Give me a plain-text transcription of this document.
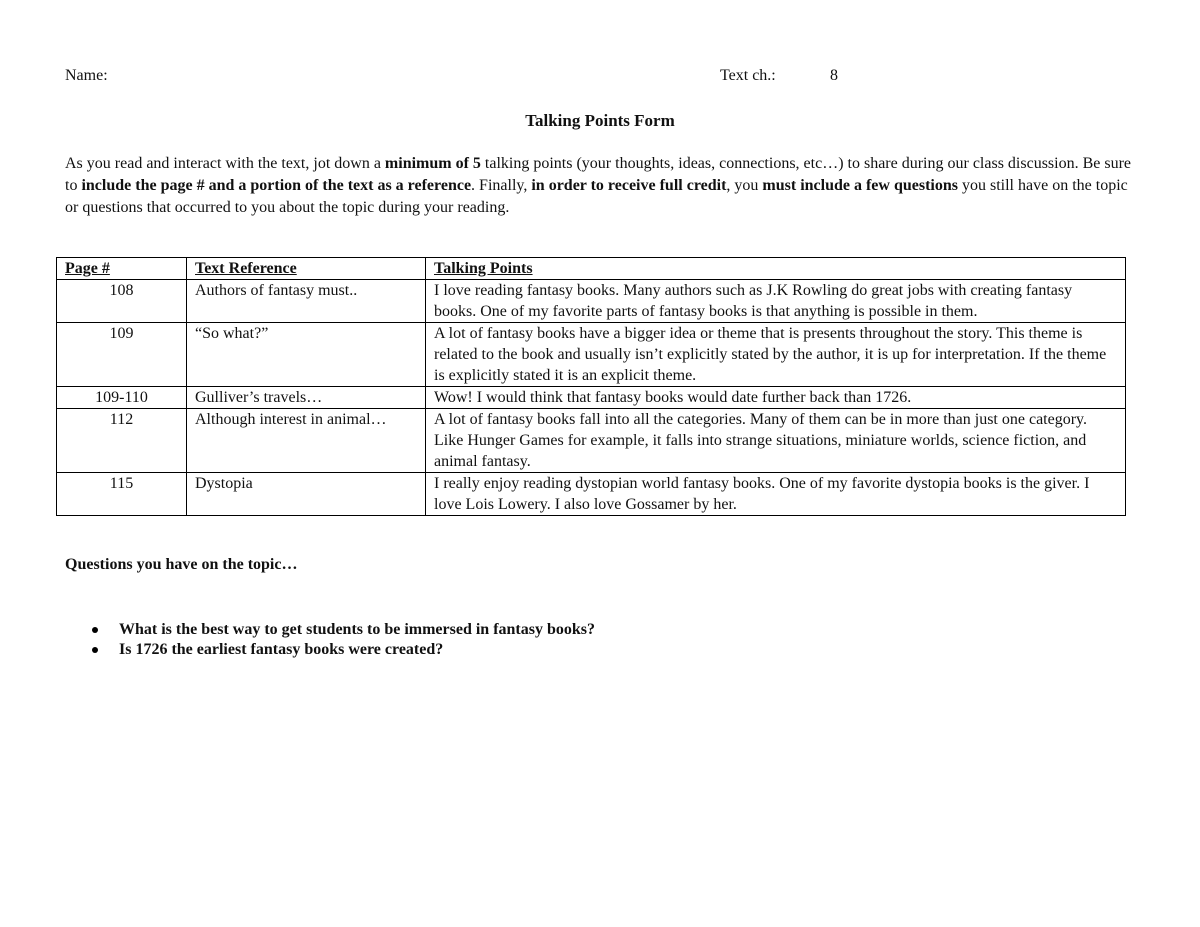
Name:	Text ch.:	8
Talking Points Form

As you read and interact with the text, jot down a minimum of 5 talking points (your thoughts, ideas, connections, etc…) to share during our class discussion. Be sure to include the page # and a portion of the text as a reference. Finally, in order to receive full credit, you must include a few questions you still have on the topic or questions that occurred to you about the topic during your reading.

Page #	Text Reference	Talking Points
108	Authors of fantasy must..	I love reading fantasy books. Many authors such as J.K Rowling do great jobs with creating fantasy books. One of my favorite parts of fantasy books is that anything is possible in them.
109	“So what?”	A lot of fantasy books have a bigger idea or theme that is presents throughout the story. This theme is related to the book and usually isn’t explicitly stated by the author, it is up for interpretation. If the theme is explicitly stated it is an explicit theme.
109-110	Gulliver’s travels…	Wow! I would think that fantasy books would date further back than 1726.
112	Although interest in animal…	A lot of fantasy books fall into all the categories. Many of them can be in more than just one category. Like Hunger Games for example, it falls into strange situations, miniature worlds, science fiction, and animal fantasy.
115	Dystopia	I really enjoy reading dystopian world fantasy books. One of my favorite dystopia books is the giver. I love Lois Lowery. I also love Gossamer by her.
Questions you have on the topic…
What is the best way to get students to be immersed in fantasy books?
Is 1726 the earliest fantasy books were created?
